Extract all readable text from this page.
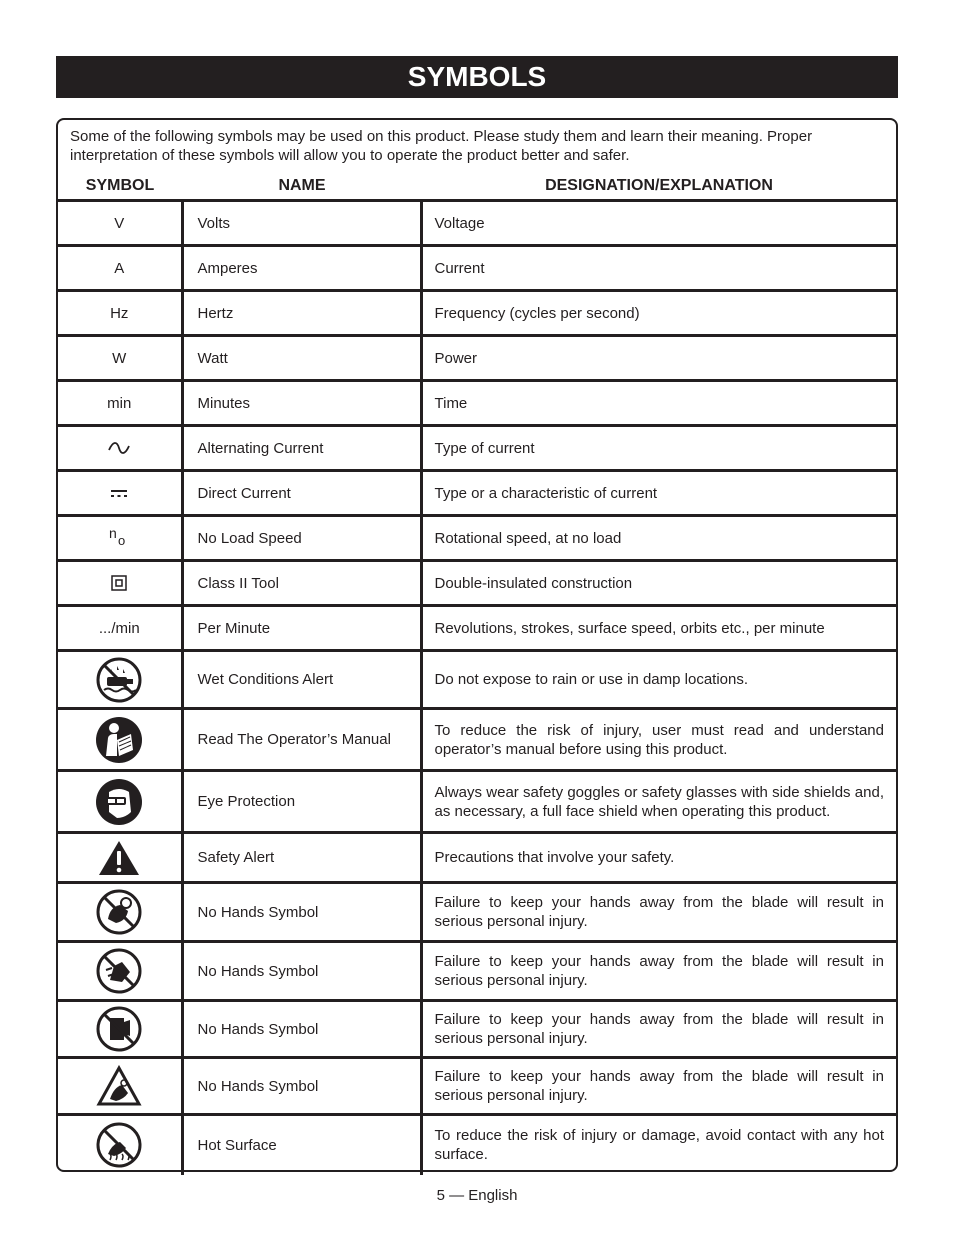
SYMBOLS
Some of the following symbols may be used on this product. Please study them and learn their meaning. Proper interpretation of these symbols will allow you to operate the product better and safer.
SYMBOL	NAME	DESIGNATION/EXPLANATION
V	Volts	Voltage
A	Amperes	Current
Hz	Hertz	Frequency (cycles per second)
W	Watt	Power
min	Minutes	Time

	Alternating Current	Type of current

	Direct Current	Type or a characteristic of current

n o	No Load Speed	Rotational speed, at no load

	Class II Tool	Double-insulated construction
.../min	Per Minute	Revolutions, strokes, surface speed, orbits etc., per minute

	Wet Conditions Alert	Do not expose to rain or use in damp locations.

	Read The Operator’s Manual	To reduce the risk of injury, user must read and understand operator’s manual before using this product.

	Eye Protection	Always wear safety goggles or safety glasses with side shields and, as necessary, a full face shield when operating this product.

	Safety Alert	Precautions that involve your safety.

	No Hands Symbol	Failure to keep your hands away from the blade will result in serious personal injury.

	No Hands Symbol	Failure to keep your hands away from the blade will result in serious personal injury.

	No Hands Symbol	Failure to keep your hands away from the blade will result in serious personal injury.

	No Hands Symbol	Failure to keep your hands away from the blade will result in serious personal injury.

	Hot Surface	To reduce the risk of injury or damage, avoid contact with any hot surface.
5 — English
